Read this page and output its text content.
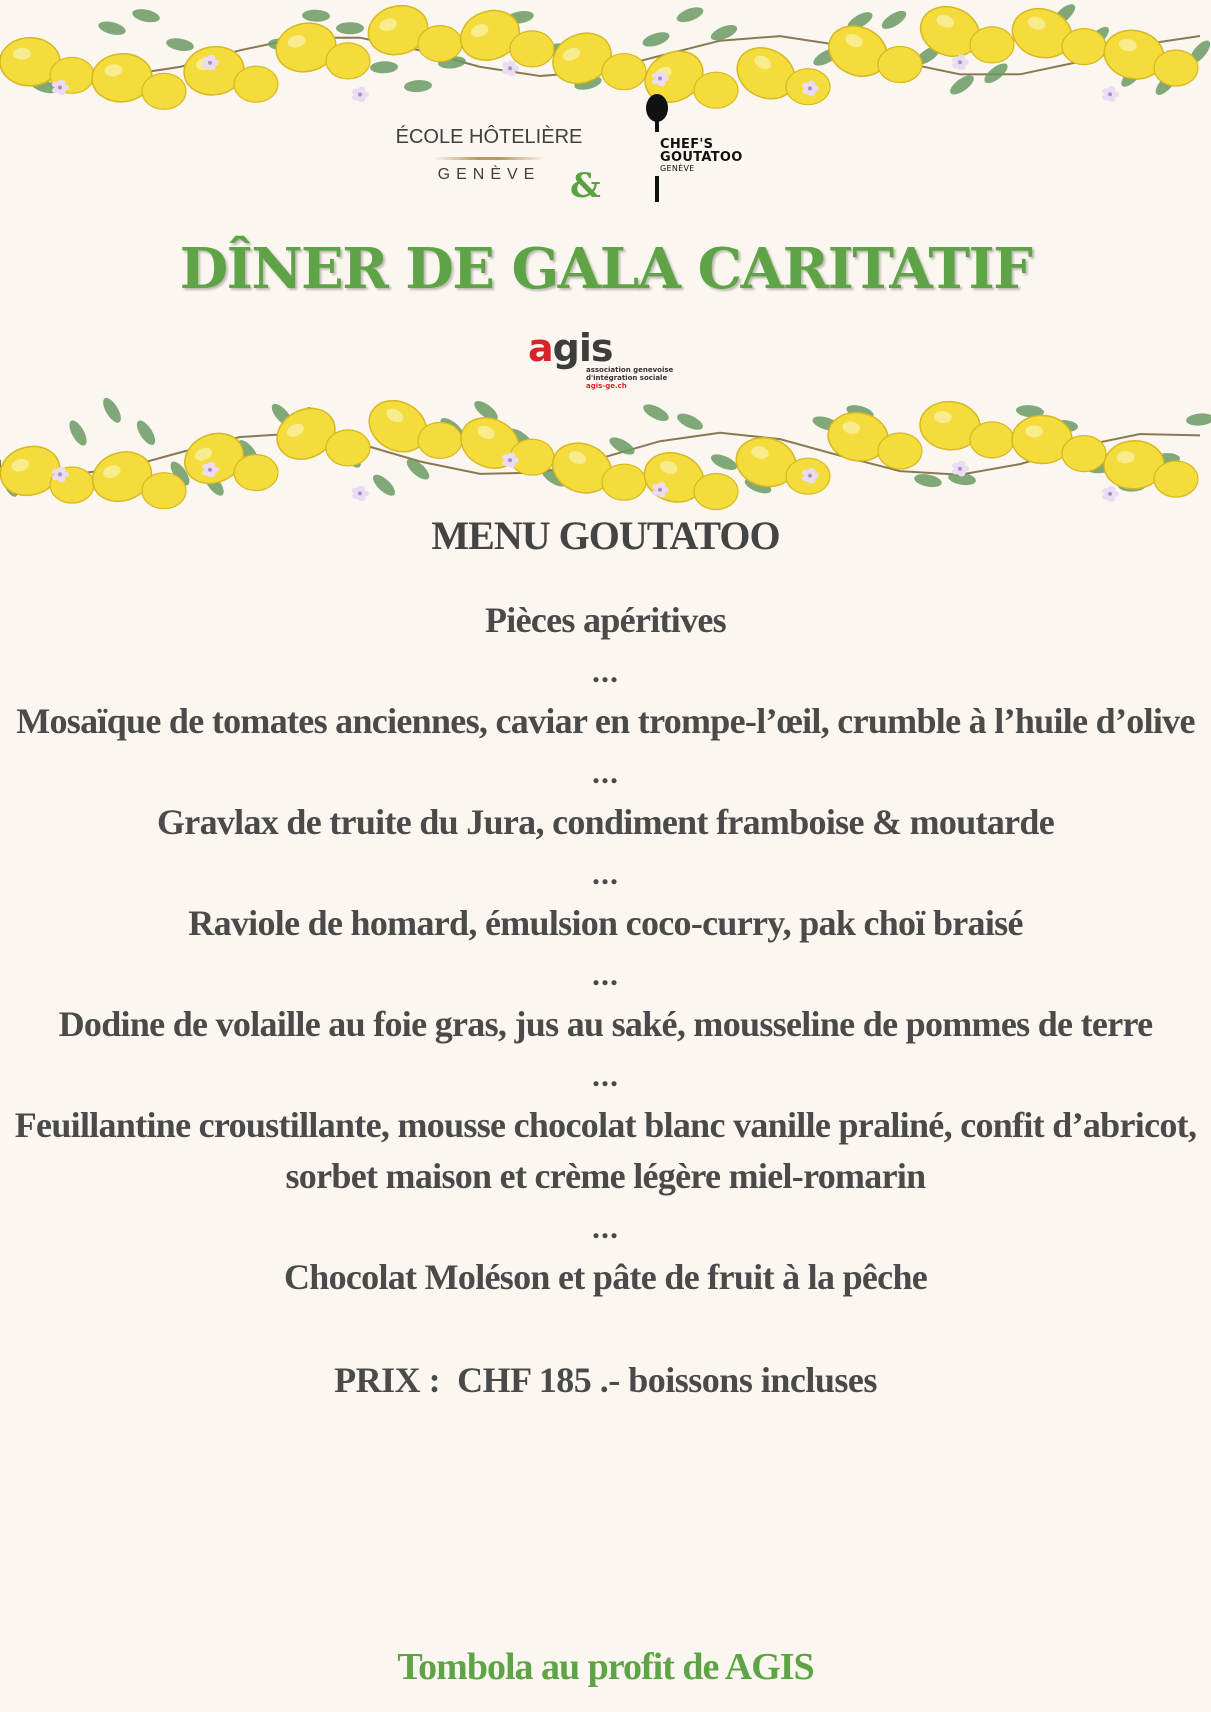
ÉCOLE HÔTELIÈRE
GENÈVE &
CHEF'S
GOUTATOO
GENÈVE
DÎNER DE GALA CARITATIF
agis
association genevoise
d'intégration sociale
agis-ge.ch
MENU GOUTATOO
Pièces apéritives
...
Mosaïque de tomates anciennes, caviar en trompe-l’œil, crumble à l’huile d’olive
...
Gravlax de truite du Jura, condiment framboise & moutarde
...
Raviole de homard, émulsion coco-curry, pak choï braisé
...
Dodine de volaille au foie gras, jus au saké, mousseline de pommes de terre
...
Feuillantine croustillante, mousse chocolat blanc vanille praliné, confit d’abricot, sorbet maison et crème légère miel-romarin
...
Chocolat Moléson et pâte de fruit à la pêche
PRIX :  CHF 185 .- boissons incluses
Tombola au profit de AGIS
